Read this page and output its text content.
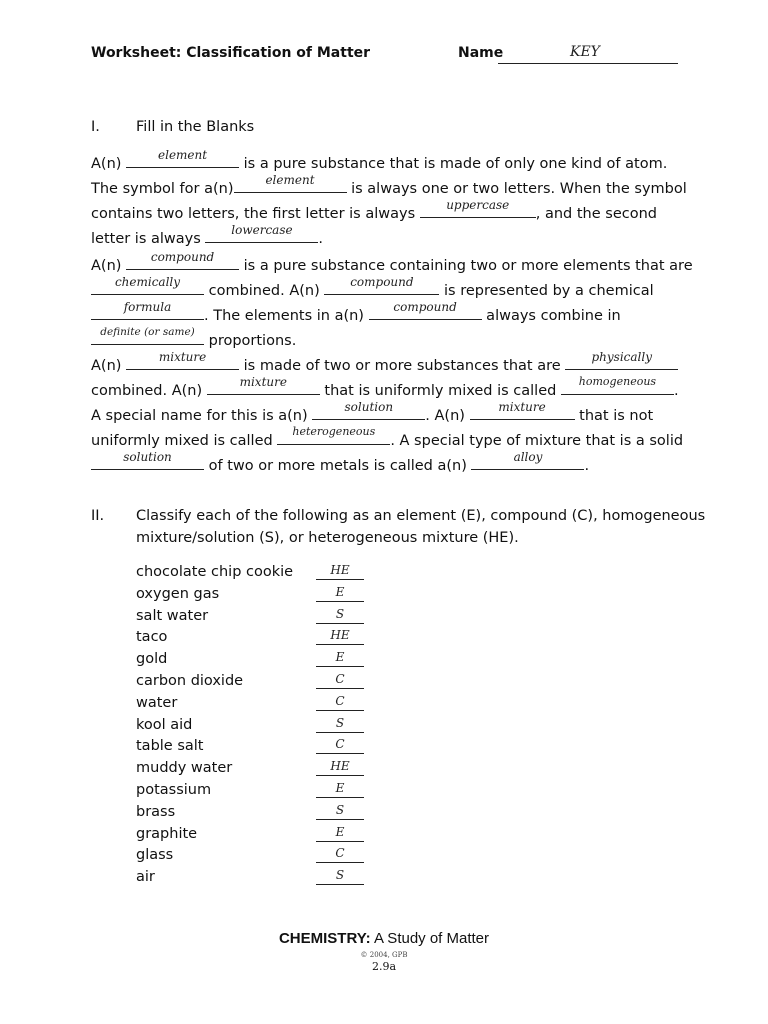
Worksheet: Classification of Matter	Name	KEY
I. Fill in the Blanks
A(n)
element
is a pure substance that is made of only one kind of atom.
The symbol for a(n)
element
is always one or two letters. When the symbol
contains two letters, the first letter is always
uppercase
, and the second
letter is always
lowercase
.
A(n)
compound
is a pure substance containing two or more elements that are
chemically
combined. A(n)
compound
is represented by a chemical
formula
. The elements in a(n)
compound
always combine in
definite (or same)
proportions.
A(n)
mixture
is made of two or more substances that are
physically
combined. A(n)
mixture
that is uniformly mixed is called
homogeneous
.
A special name for this is a(n)
solution
. A(n)
mixture
that is not
uniformly mixed is called
heterogeneous
. A special type of mixture that is a solid
solution
of two or more metals is called a(n)
alloy
.
II. Classify each of the following as an element (E), compound (C), homogeneous
mixture/solution (S), or heterogeneous mixture (HE).
chocolate chip cookie	HE
oxygen gas	E
salt water	S
taco	HE
gold	E
carbon dioxide	C
water	C
kool aid	S
table salt	C
muddy water	HE
potassium	E
brass	S
graphite	E
glass	C
air	S
CHEMISTRY: A Study of Matter
© 2004, GPB
2.9a
